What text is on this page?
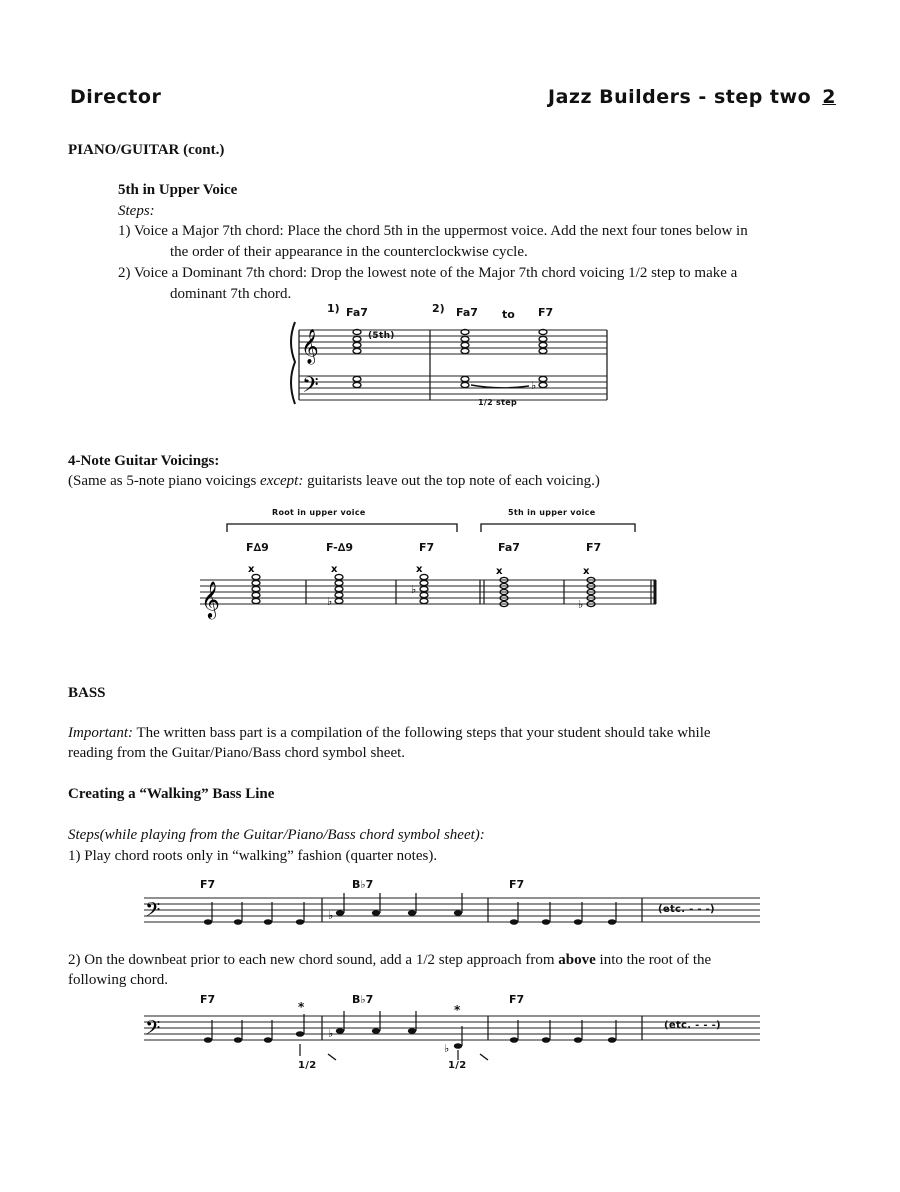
Director	Jazz Builders - step two 2
PIANO/GUITAR (cont.)
5th in Upper Voice
Steps:
1) Voice a Major 7th chord: Place the chord 5th in the uppermost voice. Add the next four tones below in
the order of their appearance in the counterclockwise cycle.
2) Voice a Dominant 7th chord: Drop the lowest note of the Major 7th chord voicing 1/2 step to make a
dominant 7th chord.
1) Fa7	2) Fa7 to F7
(5th)
1/2 step
𝄞
𝄢	♭
4-Note Guitar Voicings:
(Same as 5-note piano voicings except: guitarists leave out the top note of each voicing.)
Root in upper voice	5th in upper voice
F∆9	F-∆9	F7	Fa7	F7
𝄞
x	x
♭
x
♭
x	x
♭
BASS
Important: The written bass part is a compilation of the following steps that your student should take while
reading from the Guitar/Piano/Bass chord symbol sheet.
Creating a “Walking” Bass Line
Steps(while playing from the Guitar/Piano/Bass chord symbol sheet):
1) Play chord roots only in “walking” fashion (quarter notes).
F7	B♭7	F7
(etc. - - -)
𝄢	♭
2) On the downbeat prior to each new chord sound, add a 1/2 step approach from above into the root of the
following chord.
F7	B♭7	F7
*	*
(etc. - - -)
1/2	1/2
𝄢	♭
♭
